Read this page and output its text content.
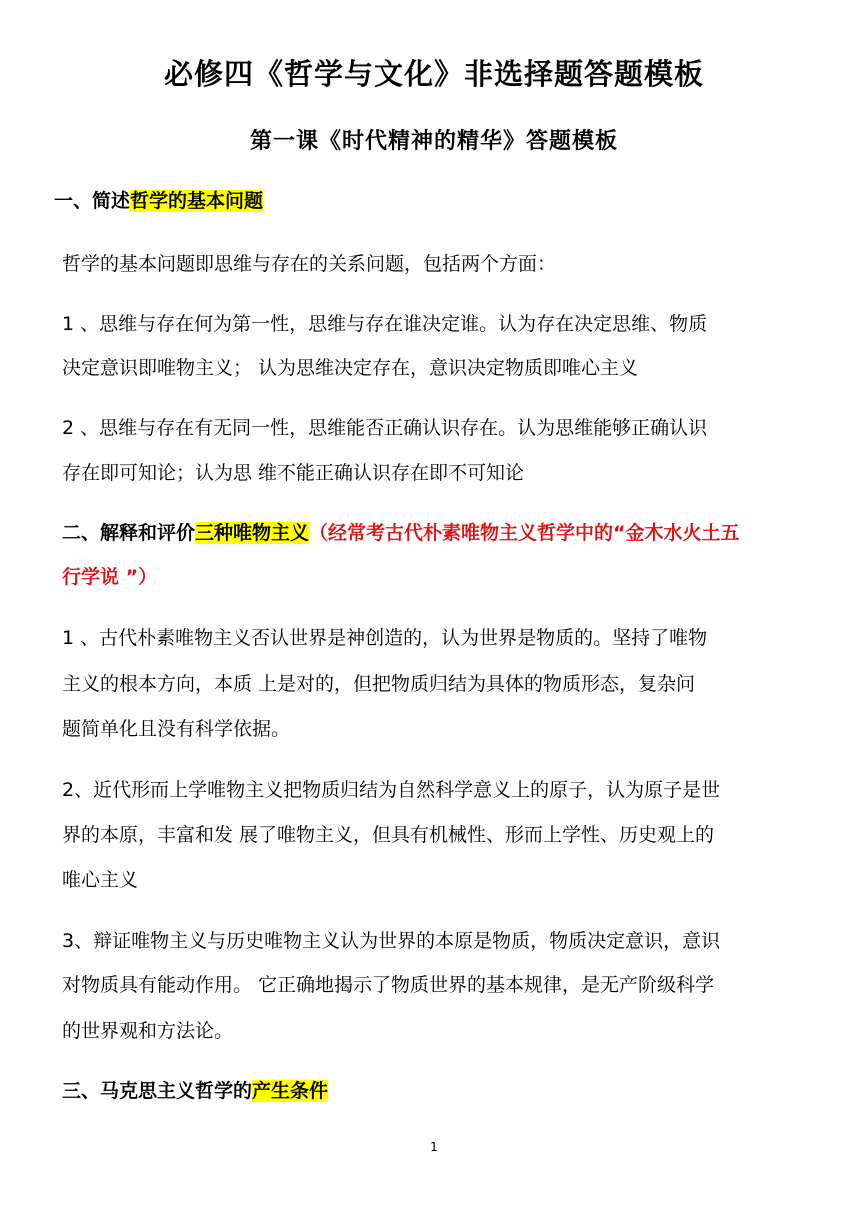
必修四《哲学与文化》非选择题答题模板
第一课《时代精神的精华》答题模板
一、简述哲学的基本问题

哲学的基本问题即思维与存在的关系问题，包括两个方面：

1 、思维与存在何为第一性，思维与存在谁决定谁。认为存在决定思维、物质

决定意识即唯物主义； 认为思维决定存在，意识决定物质即唯心主义

2 、思维与存在有无同一性，思维能否正确认识存在。认为思维能够正确认识

存在即可知论；认为思 维不能正确认识存在即不可知论

二、解释和评价三种唯物主义（经常考古代朴素唯物主义哲学中的“金木水火土五
行学说 ”）

1 、古代朴素唯物主义否认世界是神创造的，认为世界是物质的。坚持了唯物

主义的根本方向，本质 上是对的，但把物质归结为具体的物质形态，复杂问

题简单化且没有科学依据。

2、近代形而上学唯物主义把物质归结为自然科学意义上的原子，认为原子是世

界的本原，丰富和发 展了唯物主义，但具有机械性、形而上学性、历史观上的

唯心主义

3、辩证唯物主义与历史唯物主义认为世界的本原是物质，物质决定意识，意识

对物质具有能动作用。 它正确地揭示了物质世界的基本规律，是无产阶级科学

的世界观和方法论。

三、马克思主义哲学的产生条件
1
